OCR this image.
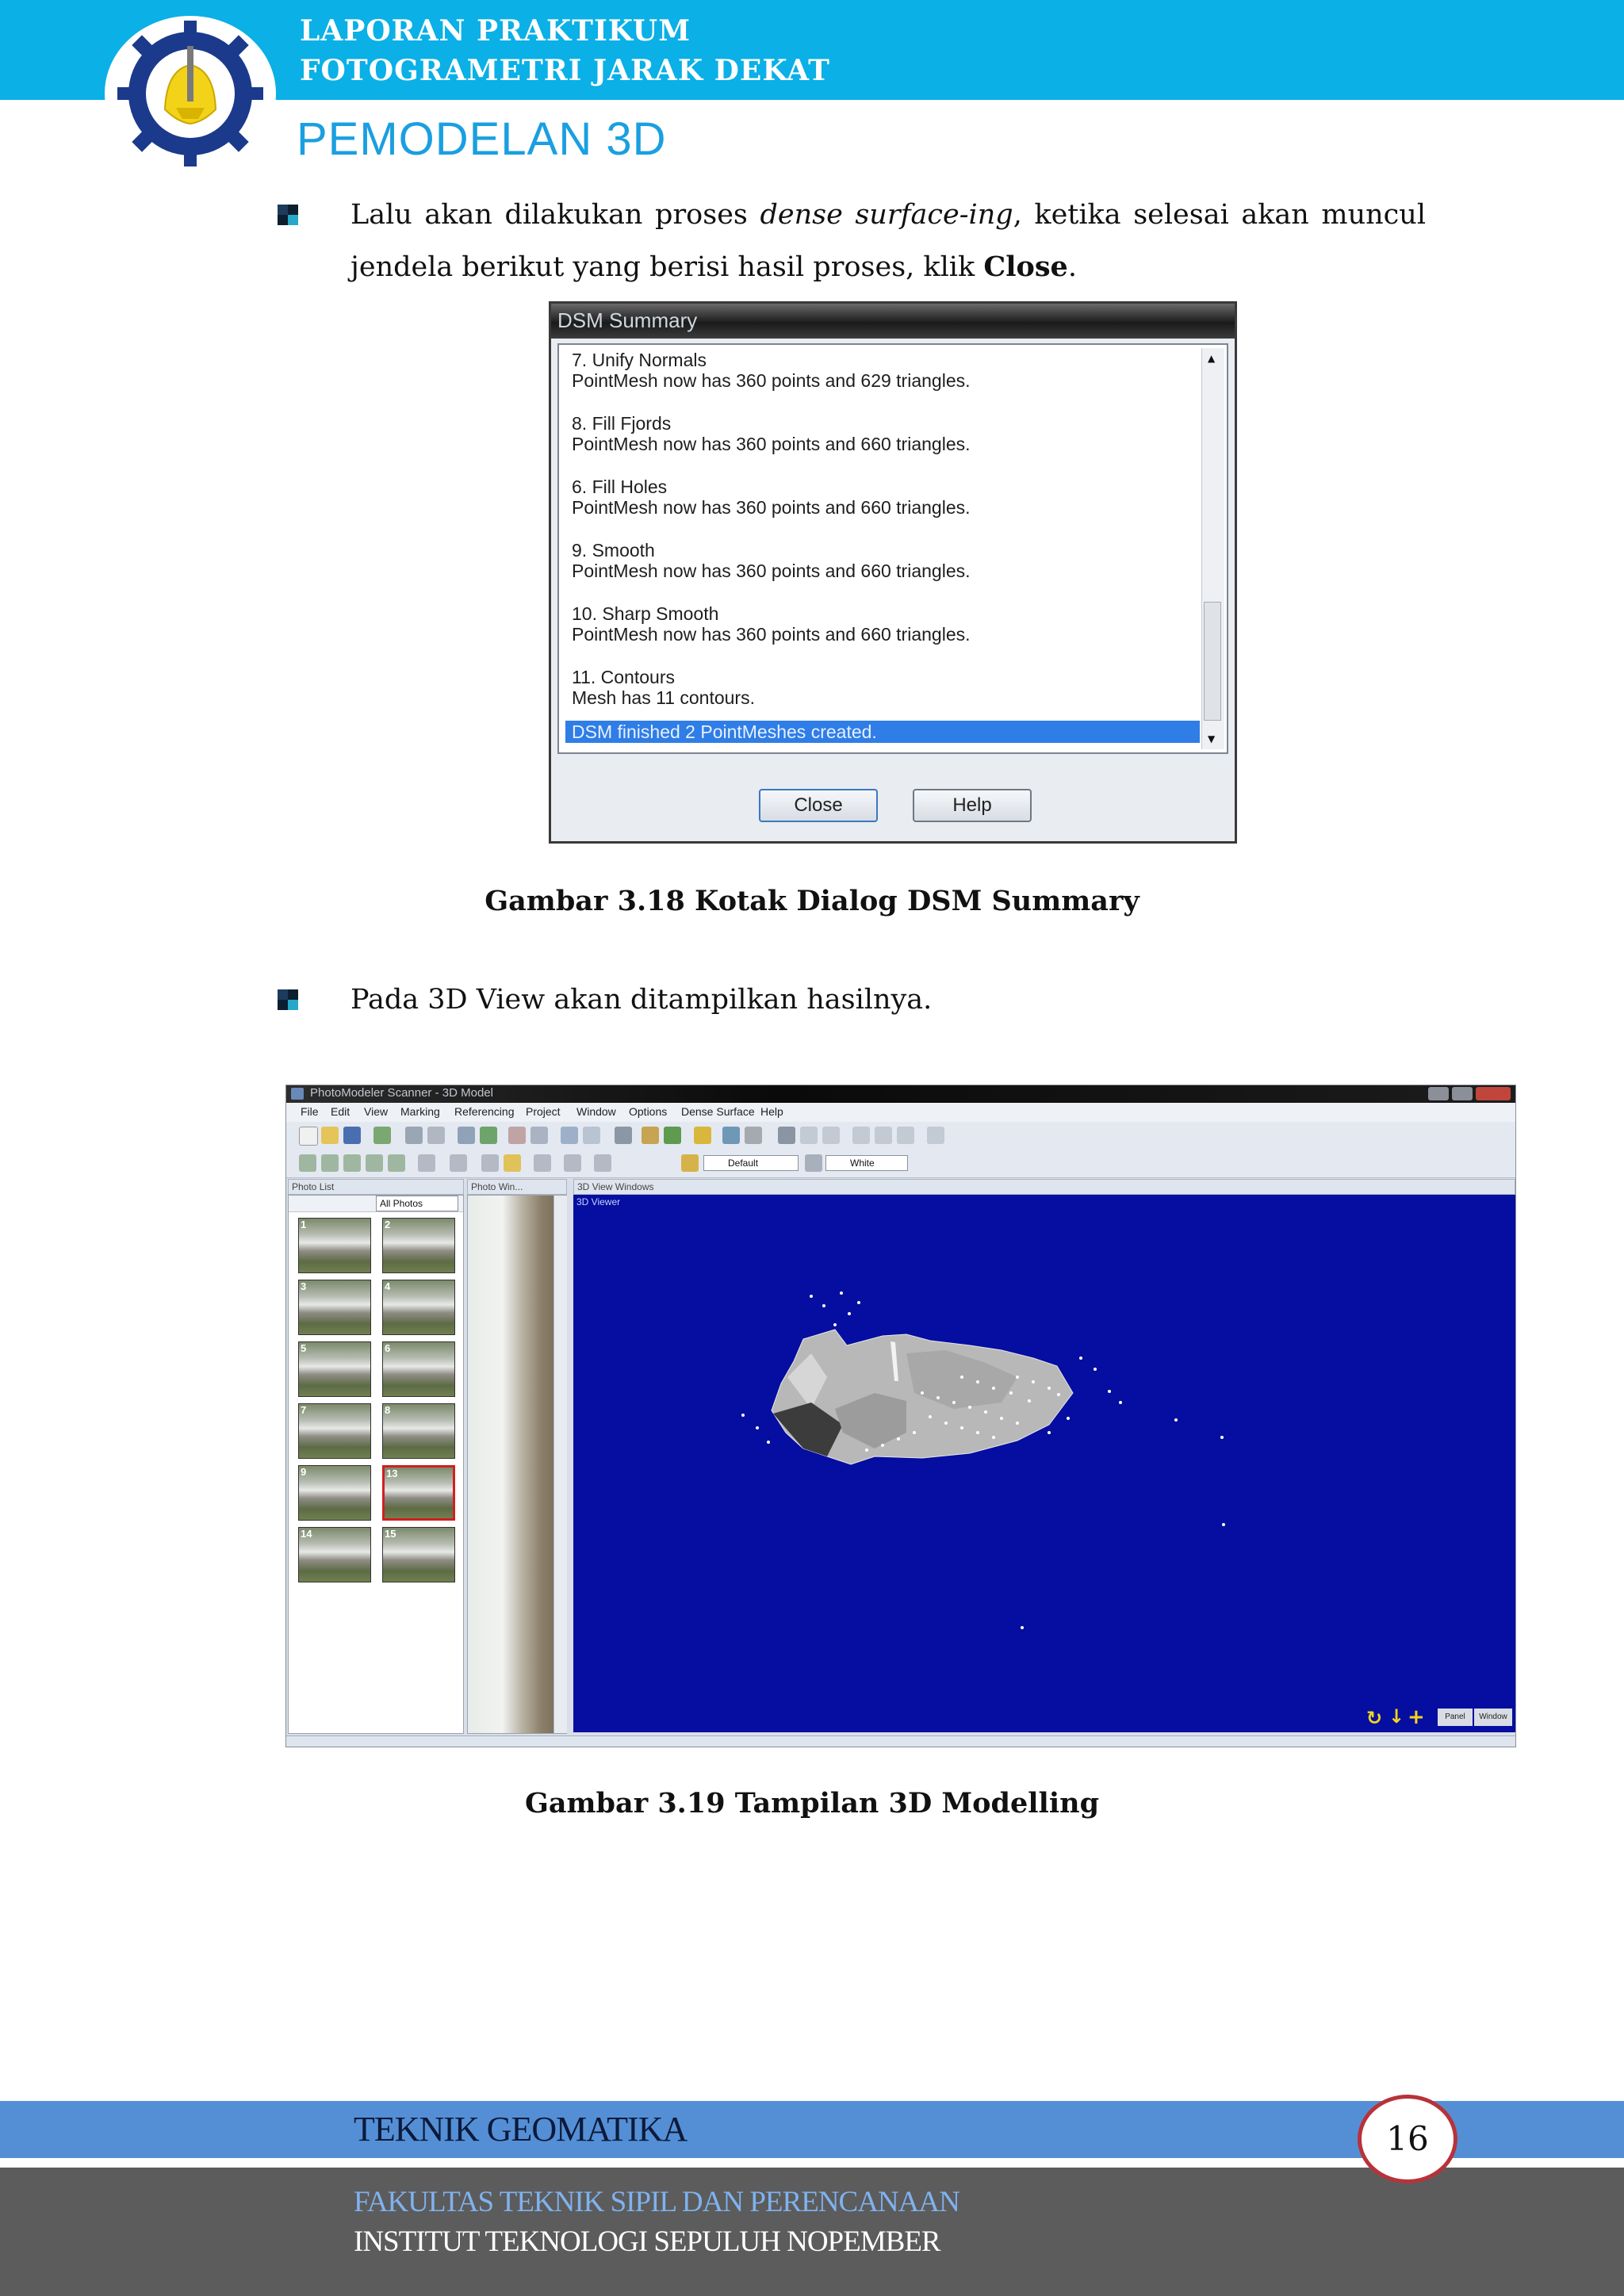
LAPORAN PRAKTIKUM
FOTOGRAMETRI JARAK DEKAT
PEMODELAN 3D
Lalu akan dilakukan proses dense surface-ing, ketika selesai akan muncul jendela berikut yang berisi hasil proses, klik Close.
DSM Summary
7. Unify Normals
PointMesh now has 360 points and 629 triangles.
8. Fill Fjords
PointMesh now has 360 points and 660 triangles.
6. Fill Holes
PointMesh now has 360 points and 660 triangles.
9. Smooth
PointMesh now has 360 points and 660 triangles.
10. Sharp Smooth
PointMesh now has 360 points and 660 triangles.
11. Contours
Mesh has 11 contours.
DSM finished 2 PointMeshes created.
▲
▼
Close	Help
Gambar 3.18 Kotak Dialog DSM Summary
Pada 3D View akan ditampilkan hasilnya.
PhotoModeler Scanner - 3D Model
File Edit View Marking Referencing Project Window Options Dense Surface Help
Default	White
Photo List	Photo Win...	3D View Windows
All Photos
1	2
3	4
5	6
7	8
9	13
14	15
3D Viewer
↻ ↓ +	Panel	Window
Gambar 3.19 Tampilan 3D Modelling
TEKNIK GEOMATIKA
FAKULTAS TEKNIK SIPIL DAN PERENCANAAN
INSTITUT TEKNOLOGI SEPULUH NOPEMBER
16
